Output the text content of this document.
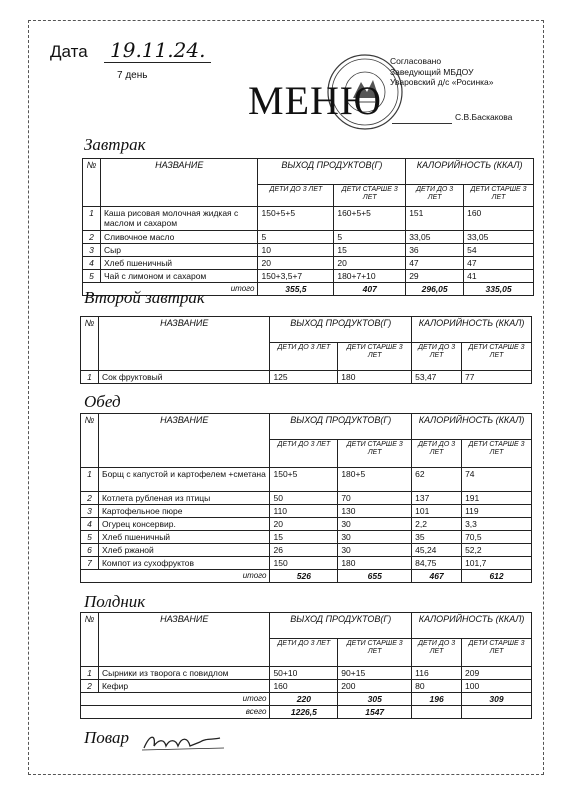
Дата	19.11.24.
7 день
МЕНЮ
Согласовано
Заведующий МБДОУ
Уваровский д/с «Росинка»
С.В.Баскакова
Завтрак
№	НАЗВАНИЕ	ВЫХОД ПРОДУКТОВ(Г)		КАЛОРИЙНОСТЬ (ККАЛ)	
		ДЕТИ ДО 3 ЛЕТ	ДЕТИ СТАРШЕ 3 ЛЕТ	ДЕТИ ДО 3 ЛЕТ	ДЕТИ СТАРШЕ 3 ЛЕТ
1	Каша рисовая молочная жидкая с маслом и сахаром	150+5+5	160+5+5	151	160
2	Сливочное масло	5	5	33,05	33,05
3	Сыр	10	15	36	54
4	Хлеб пшеничный	20	20	47	47
5	Чай с лимоном и сахаром	150+3,5+7	180+7+10	29	41
итого		355,5	407	296,05	335,05
Второй завтрак
№	НАЗВАНИЕ	ВЫХОД ПРОДУКТОВ(Г)		КАЛОРИЙНОСТЬ (ККАЛ)	
		ДЕТИ ДО 3 ЛЕТ	ДЕТИ СТАРШЕ 3 ЛЕТ	ДЕТИ ДО 3 ЛЕТ	ДЕТИ СТАРШЕ 3 ЛЕТ
1	Сок фруктовый	125	180	53,47	77
Обед
№	НАЗВАНИЕ	ВЫХОД ПРОДУКТОВ(Г)		КАЛОРИЙНОСТЬ (ККАЛ)	
		ДЕТИ ДО 3 ЛЕТ	ДЕТИ СТАРШЕ 3 ЛЕТ	ДЕТИ ДО 3 ЛЕТ	ДЕТИ СТАРШЕ 3 ЛЕТ
1	Борщ с капустой и картофелем +сметана	150+5	180+5	62	74
2	Котлета рубленая из птицы	50	70	137	191
3	Картофельное пюре	110	130	101	119
4	Огурец консервир.	20	30	2,2	3,3
5	Хлеб пшеничный	15	30	35	70,5
6	Хлеб ржаной	26	30	45,24	52,2
7	Компот из сухофруктов	150	180	84,75	101,7
итого		526	655	467	612
Полдник
№	НАЗВАНИЕ	ВЫХОД ПРОДУКТОВ(Г)		КАЛОРИЙНОСТЬ (ККАЛ)	
		ДЕТИ ДО 3 ЛЕТ	ДЕТИ СТАРШЕ 3 ЛЕТ	ДЕТИ ДО 3 ЛЕТ	ДЕТИ СТАРШЕ 3 ЛЕТ
1	Сырники из творога с повидлом	50+10	90+15	116	209
2	Кефир	160	200	80	100
итого		220	305	196	309
всего		1226,5	1547		
Повар
